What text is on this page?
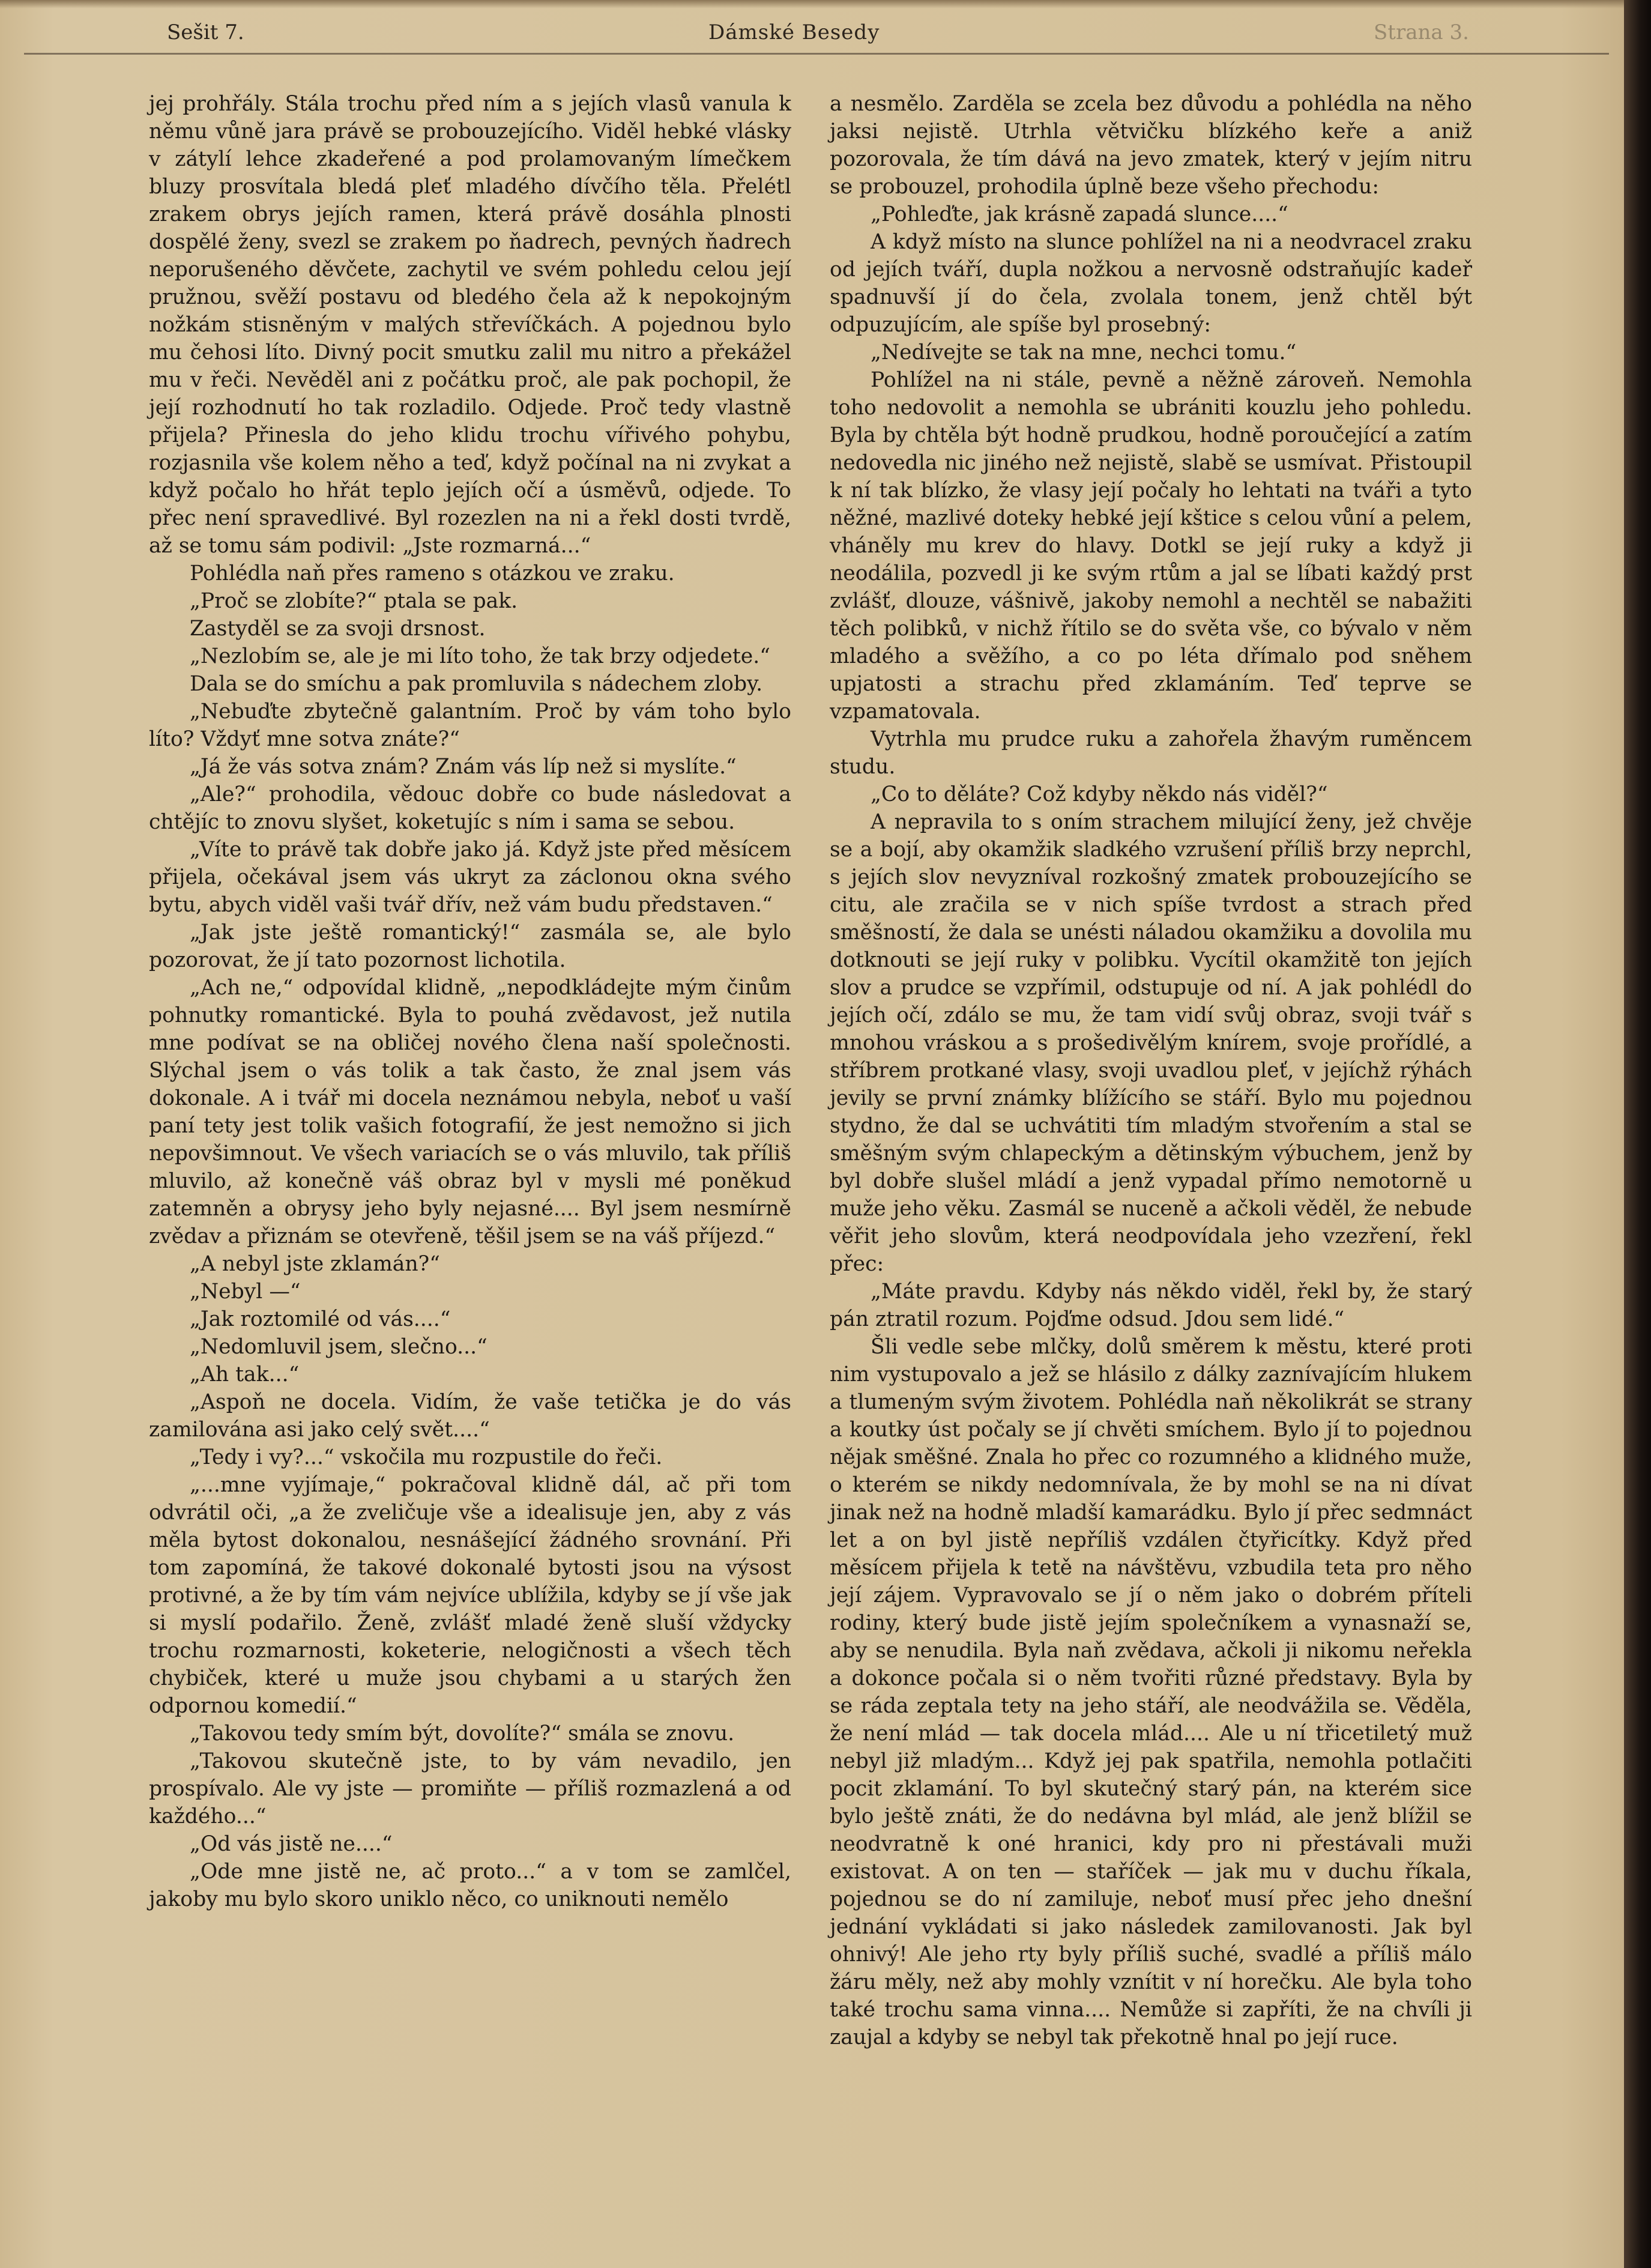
Sešit 7.	Dámské Besedy	Strana 3.

jej prohřály. Stála trochu před ním a s jejích vlasů vanula k němu vůně jara právě se probouzejícího. Viděl hebké vlásky v zátylí lehce zkadeřené a pod prolamovaným límečkem bluzy prosvítala bledá pleť mladého dívčího těla. Přelétl zrakem obrys jejích ramen, která právě dosáhla plnosti dospělé ženy, svezl se zrakem po ňadrech, pevných ňadrech neporušeného děvčete, zachytil ve svém pohledu celou její pružnou, svěží postavu od bledého čela až k nepokojným nožkám stisněným v malých střevíčkách. A pojednou bylo mu čehosi líto. Divný pocit smutku zalil mu nitro a překážel mu v řeči. Nevěděl ani z počátku proč, ale pak pochopil, že její rozhodnutí ho tak rozladilo. Odjede. Proč tedy vlastně přijela? Přinesla do jeho klidu trochu vířivého pohybu, rozjasnila vše kolem něho a teď, když počínal na ni zvykat a když počalo ho hřát teplo jejích očí a úsměvů, odjede. To přec není spravedlivé. Byl rozezlen na ni a řekl dosti tvrdě, až se tomu sám podivil: „Jste rozmarná...“

Pohlédla naň přes rameno s otázkou ve zraku.

„Proč se zlobíte?“ ptala se pak.

Zastyděl se za svoji drsnost.

„Nezlobím se, ale je mi líto toho, že tak brzy odjedete.“

Dala se do smíchu a pak promluvila s nádechem zloby.

„Nebuďte zbytečně galantním. Proč by vám toho bylo líto? Vždyť mne sotva znáte?“

„Já že vás sotva znám? Znám vás líp než si myslíte.“

„Ale?“ prohodila, vědouc dobře co bude následovat a chtějíc to znovu slyšet, koketujíc s ním i sama se sebou.

„Víte to právě tak dobře jako já. Když jste před měsícem přijela, očekával jsem vás ukryt za záclonou okna svého bytu, abych viděl vaši tvář dřív, než vám budu představen.“

„Jak jste ještě romantický!“ zasmála se, ale bylo pozorovat, že jí tato pozornost lichotila.

„Ach ne,“ odpovídal klidně, „nepodkládejte mým činům pohnutky romantické. Byla to pouhá zvědavost, jež nutila mne podívat se na obličej nového člena naší společnosti. Slýchal jsem o vás tolik a tak často, že znal jsem vás dokonale. A i tvář mi docela neznámou nebyla, neboť u vaší paní tety jest tolik vašich fotografií, že jest nemožno si jich nepovšimnout. Ve všech variacích se o vás mluvilo, tak příliš mluvilo, až konečně váš obraz byl v mysli mé poněkud zatemněn a obrysy jeho byly nejasné.... Byl jsem nesmírně zvědav a přiznám se otevřeně, těšil jsem se na váš příjezd.“

„A nebyl jste zklamán?“

„Nebyl —“

„Jak roztomilé od vás....“

„Nedomluvil jsem, slečno...“

„Ah tak...“

„Aspoň ne docela. Vidím, že vaše tetička je do vás zamilována asi jako celý svět....“

„Tedy i vy?...“ vskočila mu rozpustile do řeči.

„...mne vyjímaje,“ pokračoval klidně dál, ač při tom odvrátil oči, „a že zveličuje vše a idealisuje jen, aby z vás měla bytost dokonalou, nesnášející žádného srovnání. Při tom zapomíná, že takové dokonalé bytosti jsou na výsost protivné, a že by tím vám nejvíce ublížila, kdyby se jí vše jak si myslí podařilo. Ženě, zvlášť mladé ženě sluší vždycky trochu rozmarnosti, koketerie, nelogičnosti a všech těch chybiček, které u muže jsou chybami a u starých žen odpornou komedií.“

„Takovou tedy smím být, dovolíte?“ smála se znovu.

„Takovou skutečně jste, to by vám nevadilo, jen prospívalo. Ale vy jste — promiňte — příliš rozmazlená a od každého...“

„Od vás jistě ne....“

„Ode mne jistě ne, ač proto...“ a v tom se zamlčel, jakoby mu bylo skoro uniklo něco, co uniknouti nemělo

a nesmělo. Zarděla se zcela bez důvodu a pohlédla na něho jaksi nejistě. Utrhla větvičku blízkého keře a aniž pozorovala, že tím dává na jevo zmatek, který v jejím nitru se probouzel, prohodila úplně beze všeho přechodu:

„Pohleďte, jak krásně zapadá slunce....“

A když místo na slunce pohlížel na ni a neodvracel zraku od jejích tváří, dupla nožkou a nervosně odstraňujíc kadeř spadnuvší jí do čela, zvolala tonem, jenž chtěl být odpuzujícím, ale spíše byl prosebný:

„Nedívejte se tak na mne, nechci tomu.“

Pohlížel na ni stále, pevně a něžně zároveň. Nemohla toho nedovolit a nemohla se ubrániti kouzlu jeho pohledu. Byla by chtěla být hodně prudkou, hodně poroučející a zatím nedovedla nic jiného než nejistě, slabě se usmívat. Přistoupil k ní tak blízko, že vlasy její počaly ho lehtati na tváři a tyto něžné, mazlivé doteky hebké její kštice s celou vůní a pelem, vháněly mu krev do hlavy. Dotkl se její ruky a když ji neodálila, pozvedl ji ke svým rtům a jal se líbati každý prst zvlášť, dlouze, vášnivě, jakoby nemohl a nechtěl se nabažiti těch polibků, v nichž řítilo se do světa vše, co bývalo v něm mladého a svěžího, a co po léta dřímalo pod sněhem upjatosti a strachu před zklamáním. Teď teprve se vzpamatovala.

Vytrhla mu prudce ruku a zahořela žhavým ruměncem studu.

„Co to děláte? Což kdyby někdo nás viděl?“

A nepravila to s oním strachem milující ženy, jež chvěje se a bojí, aby okamžik sladkého vzrušení příliš brzy neprchl, s jejích slov nevyzníval rozkošný zmatek probouzejícího se citu, ale zračila se v nich spíše tvrdost a strach před směšností, že dala se unésti náladou okamžiku a dovolila mu dotknouti se její ruky v polibku. Vycítil okamžitě ton jejích slov a prudce se vzpřímil, odstupuje od ní. A jak pohlédl do jejích očí, zdálo se mu, že tam vidí svůj obraz, svoji tvář s mnohou vráskou a s prošedivělým knírem, svoje prořídlé, a stříbrem protkané vlasy, svoji uvadlou pleť, v jejíchž rýhách jevily se první známky blížícího se stáří. Bylo mu pojednou stydno, že dal se uchvátiti tím mladým stvořením a stal se směšným svým chlapeckým a dětinským výbuchem, jenž by byl dobře slušel mládí a jenž vypadal přímo nemotorně u muže jeho věku. Zasmál se nuceně a ačkoli věděl, že nebude věřit jeho slovům, která neodpovídala jeho vzezření, řekl přec:

„Máte pravdu. Kdyby nás někdo viděl, řekl by, že starý pán ztratil rozum. Pojďme odsud. Jdou sem lidé.“

Šli vedle sebe mlčky, dolů směrem k městu, které proti nim vystupovalo a jež se hlásilo z dálky zaznívajícím hlukem a tlumeným svým životem. Pohlédla naň několikrát se strany a koutky úst počaly se jí chvěti smíchem. Bylo jí to pojednou nějak směšné. Znala ho přec co rozumného a klidného muže, o kterém se nikdy nedomnívala, že by mohl se na ni dívat jinak než na hodně mladší kamarádku. Bylo jí přec sedmnáct let a on byl jistě nepříliš vzdálen čtyřicítky. Když před měsícem přijela k tetě na návštěvu, vzbudila teta pro něho její zájem. Vypravovalo se jí o něm jako o dobrém příteli rodiny, který bude jistě jejím společníkem a vynasnaží se, aby se nenudila. Byla naň zvědava, ačkoli ji nikomu neřekla a dokonce počala si o něm tvořiti různé představy. Byla by se ráda zeptala tety na jeho stáří, ale neodvážila se. Věděla, že není mlád — tak docela mlád.... Ale u ní třicetiletý muž nebyl již mladým... Když jej pak spatřila, nemohla potlačiti pocit zklamání. To byl skutečný starý pán, na kterém sice bylo ještě znáti, že do nedávna byl mlád, ale jenž blížil se neodvratně k oné hranici, kdy pro ni přestávali muži existovat. A on ten — staříček — jak mu v duchu říkala, pojednou se do ní zamiluje, neboť musí přec jeho dnešní jednání vykládati si jako následek zamilovanosti. Jak byl ohnivý! Ale jeho rty byly příliš suché, svadlé a příliš málo žáru měly, než aby mohly vznítit v ní horečku. Ale byla toho také trochu sama vinna.... Nemůže si zapříti, že na chvíli ji zaujal a kdyby se nebyl tak překotně hnal po její ruce.
